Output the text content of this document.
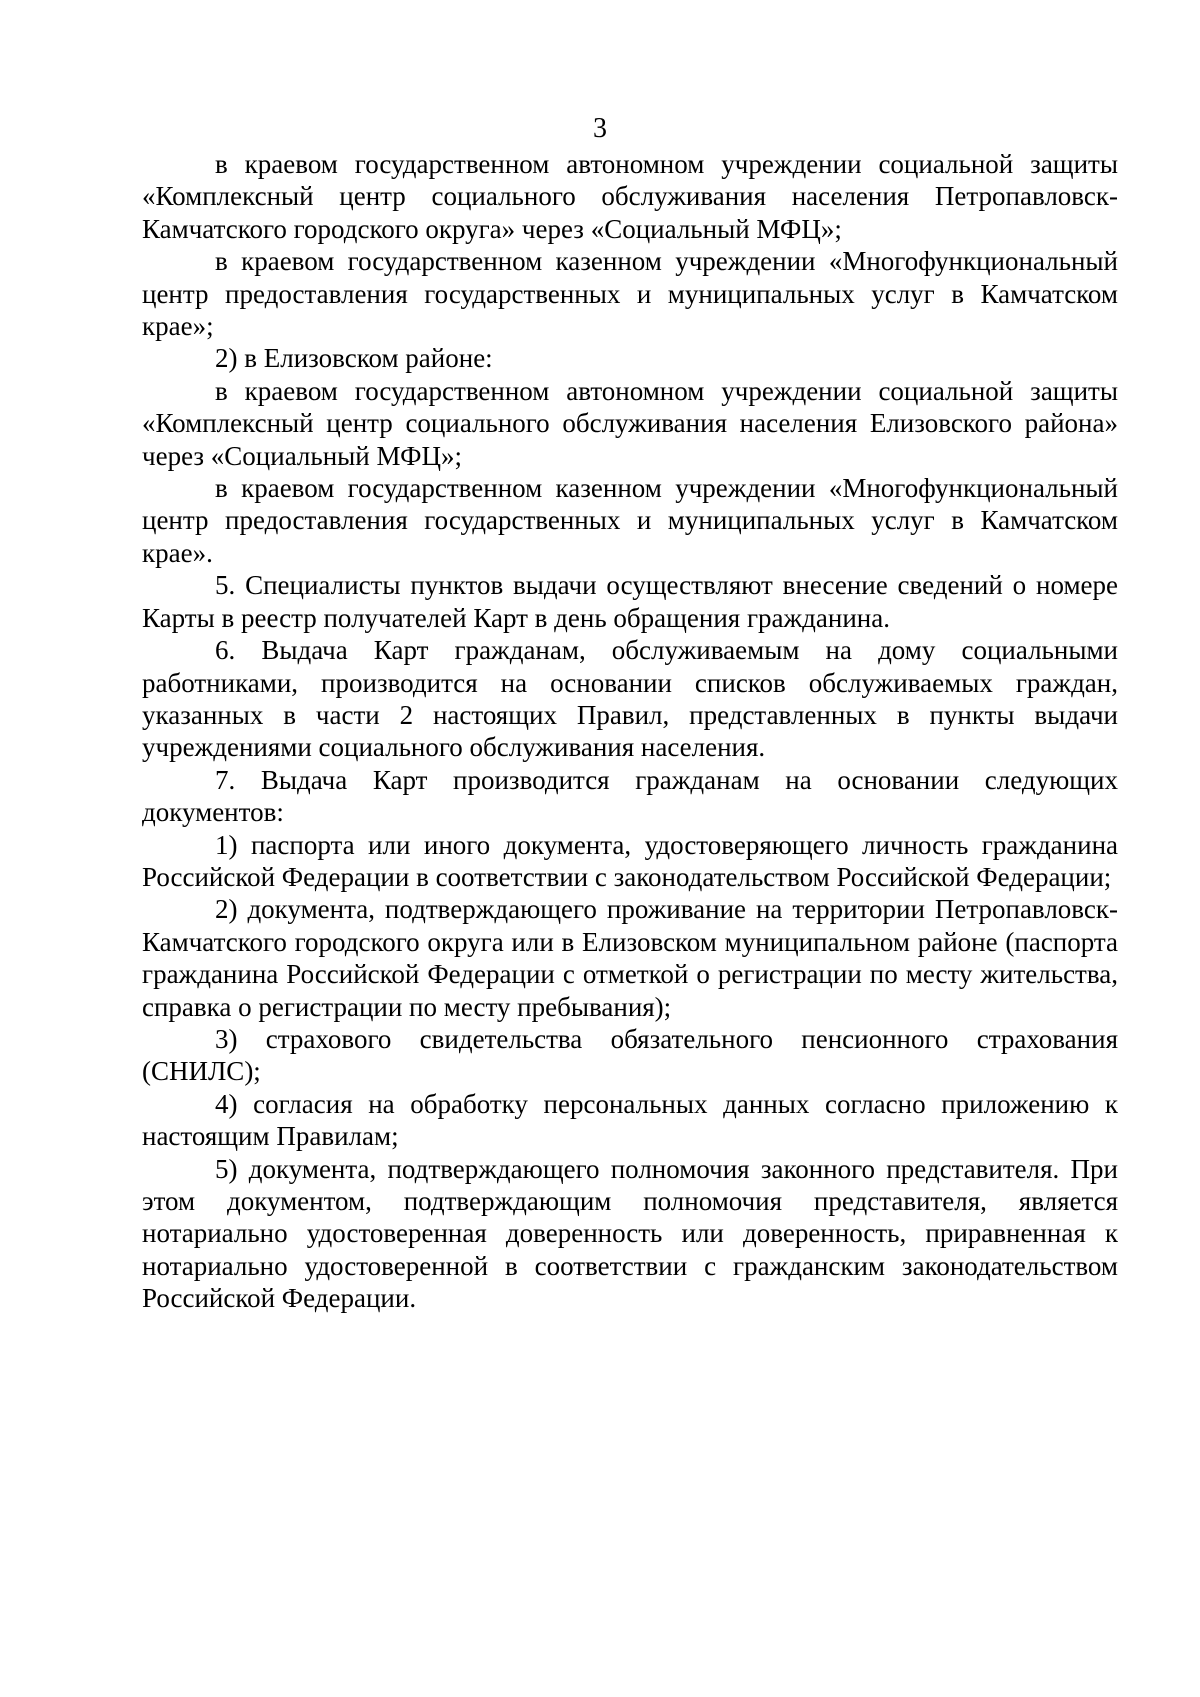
3

в краевом государственном автономном учреждении социальной защиты «Комплексный центр социального обслуживания населения Петропавловск-Камчатского городского округа» через «Социальный МФЦ»;

в краевом государственном казенном учреждении «Многофункциональный центр предоставления государственных и муниципальных услуг в Камчатском крае»;

2) в Елизовском районе:

в краевом государственном автономном учреждении социальной защиты «Комплексный центр социального обслуживания населения Елизовского района» через «Социальный МФЦ»;

в краевом государственном казенном учреждении «Многофункциональный центр предоставления государственных и муниципальных услуг в Камчатском крае».

5. Специалисты пунктов выдачи осуществляют внесение сведений о номере Карты в реестр получателей Карт в день обращения гражданина.

6. Выдача Карт гражданам, обслуживаемым на дому социальными работниками, производится на основании списков обслуживаемых граждан, указанных в части 2 настоящих Правил, представленных в пункты выдачи учреждениями социального обслуживания населения.

7. Выдача Карт производится гражданам на основании следующих документов:

1) паспорта или иного документа, удостоверяющего личность гражданина Российской Федерации в соответствии с законодательством Российской Федерации;

2) документа, подтверждающего проживание на территории Петропавловск-Камчатского городского округа или в Елизовском муниципальном районе (паспорта гражданина Российской Федерации с отметкой о регистрации по месту жительства, справка о регистрации по месту пребывания);

3) страхового свидетельства обязательного пенсионного страхования (СНИЛС);

4) согласия на обработку персональных данных согласно приложению к настоящим Правилам;

5) документа, подтверждающего полномочия законного представителя. При этом документом, подтверждающим полномочия представителя, является нотариально удостоверенная доверенность или доверенность, приравненная к нотариально удостоверенной в соответствии с гражданским законодательством Российской Федерации.
